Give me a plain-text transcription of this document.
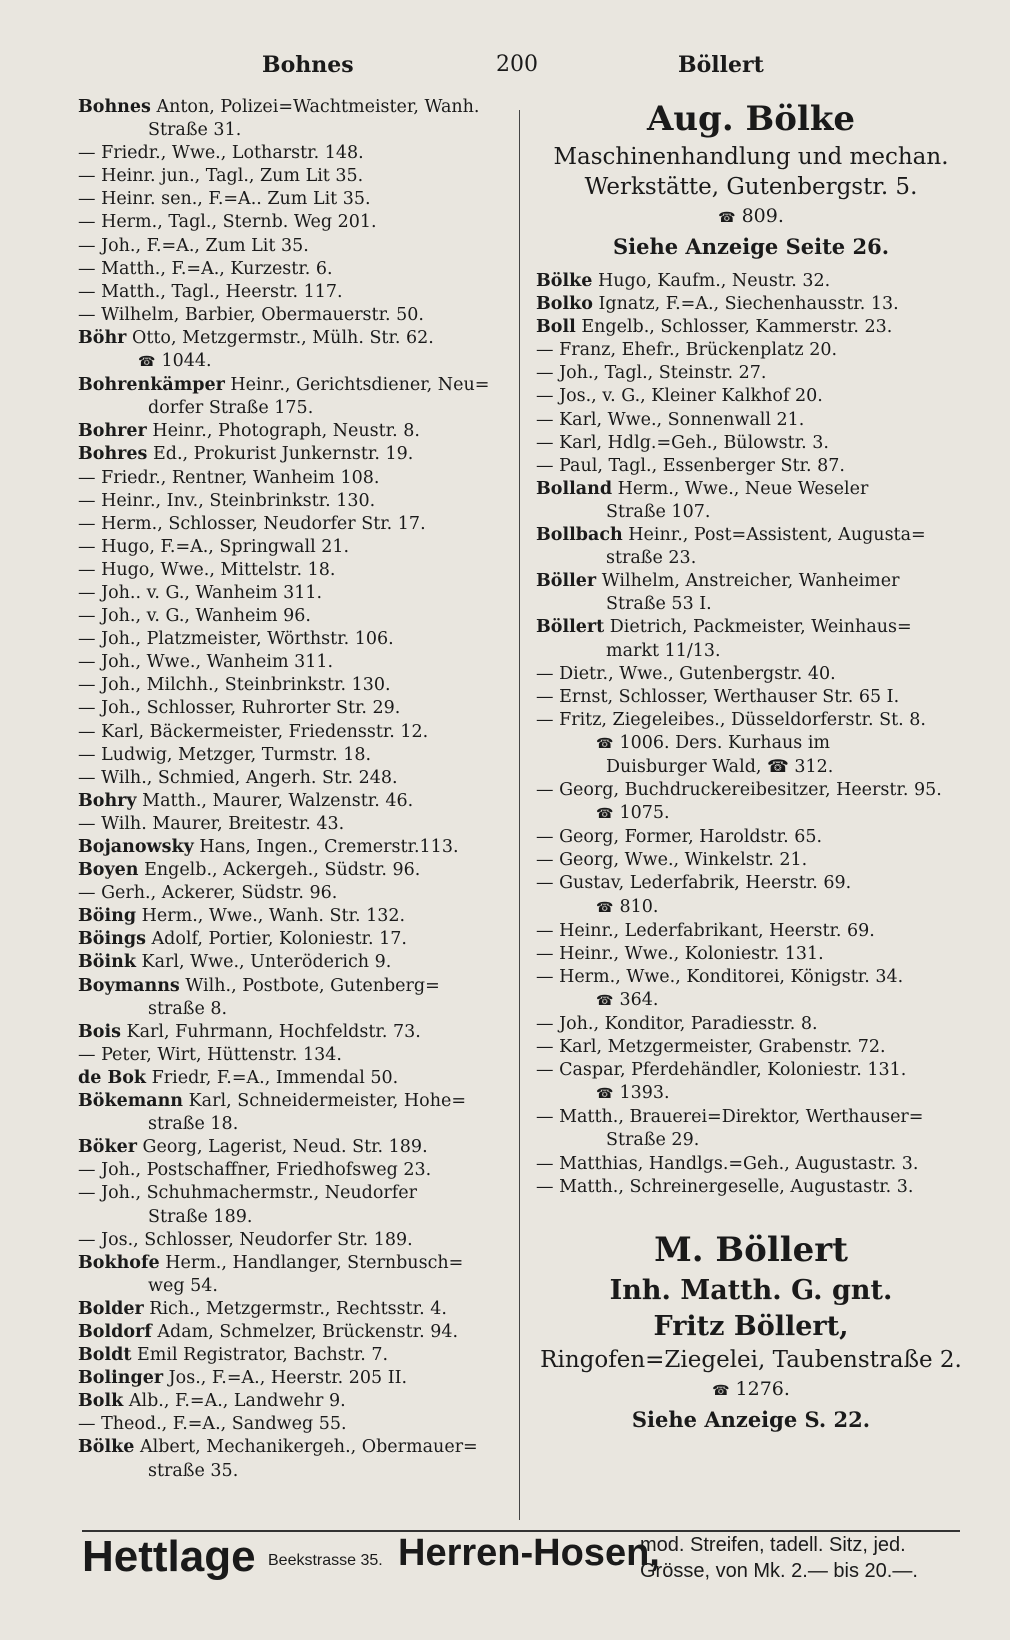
Bohnes	200	Böllert

Bohnes Anton, Polizei=Wachtmeister, Wanh.

Straße 31.

— Friedr., Wwe., Lotharstr. 148.

— Heinr. jun., Tagl., Zum Lit 35.

— Heinr. sen., F.=A.. Zum Lit 35.

— Herm., Tagl., Sternb. Weg 201.

— Joh., F.=A., Zum Lit 35.

— Matth., F.=A., Kurzestr. 6.

— Matth., Tagl., Heerstr. 117.

— Wilhelm, Barbier, Obermauerstr. 50.

Böhr Otto, Metzgermstr., Mülh. Str. 62.

☎ 1044.

Bohrenkämper Heinr., Gerichtsdiener, Neu=

dorfer Straße 175.

Bohrer Heinr., Photograph, Neustr. 8.

Bohres Ed., Prokurist Junkernstr. 19.

— Friedr., Rentner, Wanheim 108.

— Heinr., Inv., Steinbrinkstr. 130.

— Herm., Schlosser, Neudorfer Str. 17.

— Hugo, F.=A., Springwall 21.

— Hugo, Wwe., Mittelstr. 18.

— Joh.. v. G., Wanheim 311.

— Joh., v. G., Wanheim 96.

— Joh., Platzmeister, Wörthstr. 106.

— Joh., Wwe., Wanheim 311.

— Joh., Milchh., Steinbrinkstr. 130.

— Joh., Schlosser, Ruhrorter Str. 29.

— Karl, Bäckermeister, Friedensstr. 12.

— Ludwig, Metzger, Turmstr. 18.

— Wilh., Schmied, Angerh. Str. 248.

Bohry Matth., Maurer, Walzenstr. 46.

— Wilh. Maurer, Breitestr. 43.

Bojanowsky Hans, Ingen., Cremerstr.113.

Boyen Engelb., Ackergeh., Südstr. 96.

— Gerh., Ackerer, Südstr. 96.

Böing Herm., Wwe., Wanh. Str. 132.

Böings Adolf, Portier, Koloniestr. 17.

Böink Karl, Wwe., Unteröderich 9.

Boymanns Wilh., Postbote, Gutenberg=

straße 8.

Bois Karl, Fuhrmann, Hochfeldstr. 73.

— Peter, Wirt, Hüttenstr. 134.

de Bok Friedr, F.=A., Immendal 50.

Bökemann Karl, Schneidermeister, Hohe=

straße 18.

Böker Georg, Lagerist, Neud. Str. 189.

— Joh., Postschaffner, Friedhofsweg 23.

— Joh., Schuhmachermstr., Neudorfer

Straße 189.

— Jos., Schlosser, Neudorfer Str. 189.

Bokhofe Herm., Handlanger, Sternbusch=

weg 54.

Bolder Rich., Metzgermstr., Rechtsstr. 4.

Boldorf Adam, Schmelzer, Brückenstr. 94.

Boldt Emil Registrator, Bachstr. 7.

Bolinger Jos., F.=A., Heerstr. 205 II.

Bolk Alb., F.=A., Landwehr 9.

— Theod., F.=A., Sandweg 55.

Bölke Albert, Mechanikergeh., Obermauer=

straße 35.

Aug. Bölke

Maschinenhandlung und mechan.

Werkstätte, Gutenbergstr. 5.

☎ 809.

Siehe Anzeige Seite 26.

Bölke Hugo, Kaufm., Neustr. 32.

Bolko Ignatz, F.=A., Siechenhausstr. 13.

Boll Engelb., Schlosser, Kammerstr. 23.

— Franz, Ehefr., Brückenplatz 20.

— Joh., Tagl., Steinstr. 27.

— Jos., v. G., Kleiner Kalkhof 20.

— Karl, Wwe., Sonnenwall 21.

— Karl, Hdlg.=Geh., Bülowstr. 3.

— Paul, Tagl., Essenberger Str. 87.

Bolland Herm., Wwe., Neue Weseler

Straße 107.

Bollbach Heinr., Post=Assistent, Augusta=

straße 23.

Böller Wilhelm, Anstreicher, Wanheimer

Straße 53 I.

Böllert Dietrich, Packmeister, Weinhaus=

markt 11/13.

— Dietr., Wwe., Gutenbergstr. 40.

— Ernst, Schlosser, Werthauser Str. 65 I.

— Fritz, Ziegeleibes., Düsseldorferstr. St. 8.

☎ 1006. Ders. Kurhaus im

Duisburger Wald, ☎ 312.

— Georg, Buchdruckereibesitzer, Heerstr. 95.

☎ 1075.

— Georg, Former, Haroldstr. 65.

— Georg, Wwe., Winkelstr. 21.

— Gustav, Lederfabrik, Heerstr. 69.

☎ 810.

— Heinr., Lederfabrikant, Heerstr. 69.

— Heinr., Wwe., Koloniestr. 131.

— Herm., Wwe., Konditorei, Königstr. 34.

☎ 364.

— Joh., Konditor, Paradiesstr. 8.

— Karl, Metzgermeister, Grabenstr. 72.

— Caspar, Pferdehändler, Koloniestr. 131.

☎ 1393.

— Matth., Brauerei=Direktor, Werthauser=

Straße 29.

— Matthias, Handlgs.=Geh., Augustastr. 3.

— Matth., Schreinergeselle, Augustastr. 3.

M. Böllert

Inh. Matth. G. gnt.

Fritz Böllert,

Ringofen=Ziegelei, Taubenstraße 2.

☎ 1276.

Siehe Anzeige S. 22.

Hettlage Beekstrasse 35. Herren-Hosen,
mod. Streifen, tadell. Sitz, jed.
Grösse, von Mk. 2.— bis 20.—.
